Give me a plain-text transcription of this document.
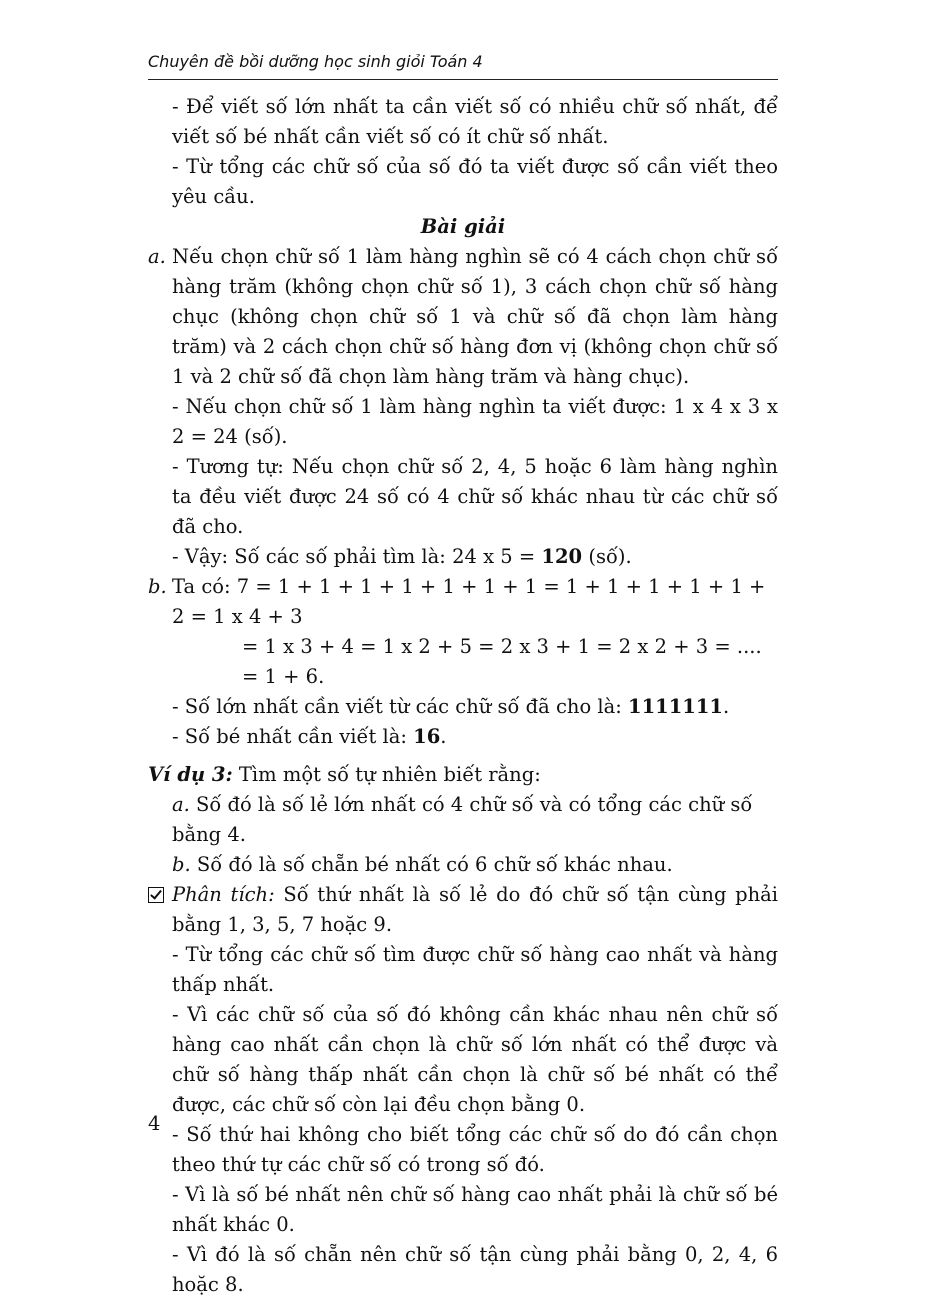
Chuyên đề bồi dưỡng học sinh giỏi Toán 4

- Để viết số lớn nhất ta cần viết số có nhiều chữ số nhất, để viết số bé nhất cần viết số có ít chữ số nhất.

- Từ tổng các chữ số của số đó ta viết được số cần viết theo yêu cầu.

Bài giải

a. Nếu chọn chữ số 1 làm hàng nghìn sẽ có 4 cách chọn chữ số hàng trăm (không chọn chữ số 1), 3 cách chọn chữ số hàng chục (không chọn chữ số 1 và chữ số đã chọn làm hàng trăm) và 2 cách chọn chữ số hàng đơn vị (không chọn chữ số 1 và 2 chữ số đã chọn làm hàng trăm và hàng chục).

- Nếu chọn chữ số 1 làm hàng nghìn ta viết được: 1 x 4 x 3 x 2 = 24 (số).

- Tương tự: Nếu chọn chữ số 2, 4, 5 hoặc 6 làm hàng nghìn ta đều viết được 24 số có 4 chữ số khác nhau từ các chữ số đã cho.

- Vậy: Số các số phải tìm là: 24 x 5 = 120 (số).

b. Ta có: 7 = 1 + 1 + 1 + 1 + 1 + 1 + 1 = 1 + 1 + 1 + 1 + 1 + 2 = 1 x 4 + 3

= 1 x 3 + 4 = 1 x 2 + 5 = 2 x 3 + 1 = 2 x 2 + 3 = .... = 1 + 6.

- Số lớn nhất cần viết từ các chữ số đã cho là: 1111111.

- Số bé nhất cần viết là: 16.

Ví dụ 3: Tìm một số tự nhiên biết rằng:

a. Số đó là số lẻ lớn nhất có 4 chữ số và có tổng các chữ số bằng 4.

b. Số đó là số chẵn bé nhất có 6 chữ số khác nhau.

Phân tích: Số thứ nhất là số lẻ do đó chữ số tận cùng phải bằng 1, 3, 5, 7 hoặc 9.

- Từ tổng các chữ số tìm được chữ số hàng cao nhất và hàng thấp nhất.

- Vì các chữ số của số đó không cần khác nhau nên chữ số hàng cao nhất cần chọn là chữ số lớn nhất có thể được và chữ số hàng thấp nhất cần chọn là chữ số bé nhất có thể được, các chữ số còn lại đều chọn bằng 0.

- Số thứ hai không cho biết tổng các chữ số do đó cần chọn theo thứ tự các chữ số có trong số đó.

- Vì là số bé nhất nên chữ số hàng cao nhất phải là chữ số bé nhất khác 0.

- Vì đó là số chẵn nên chữ số tận cùng phải bằng 0, 2, 4, 6 hoặc 8.

4
